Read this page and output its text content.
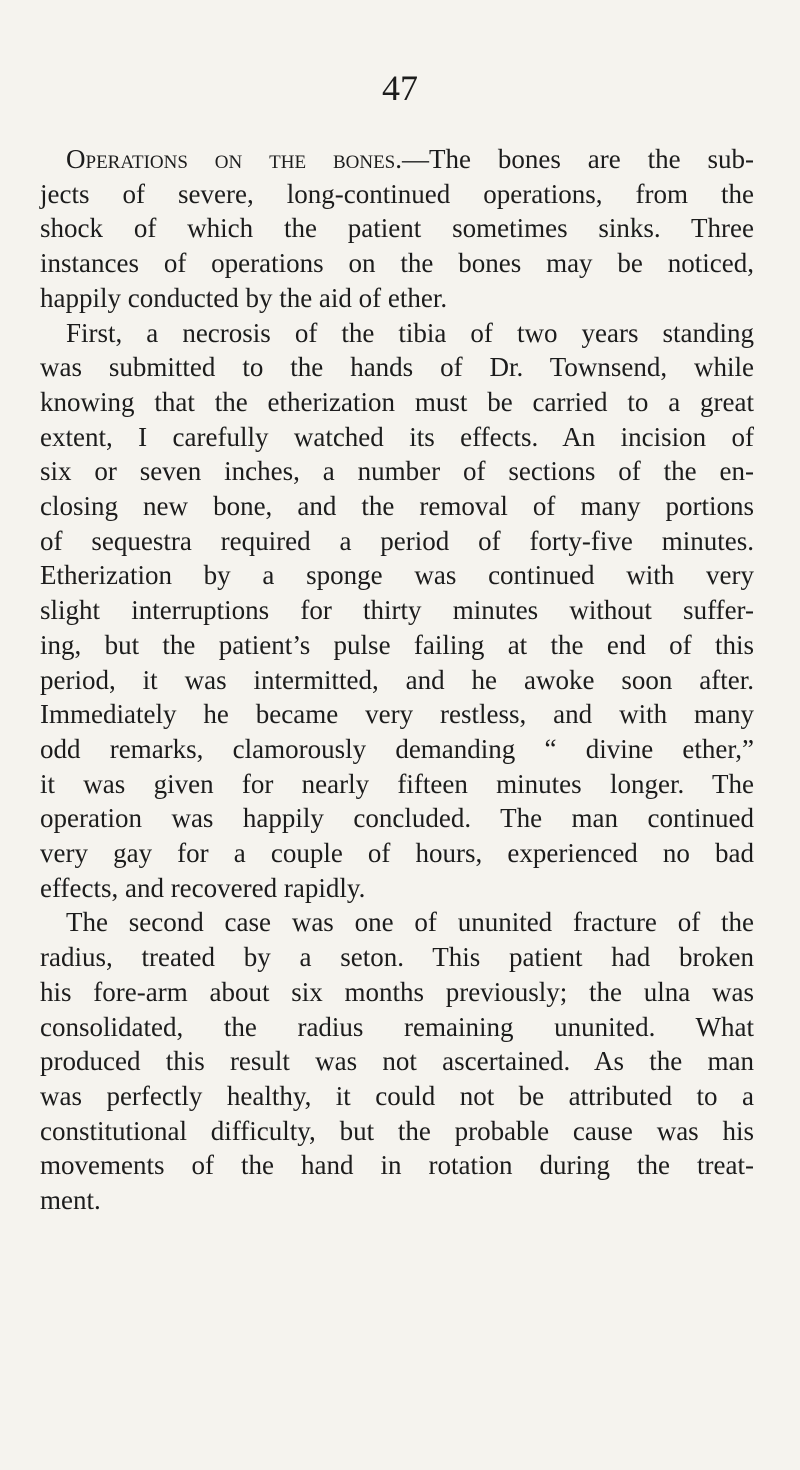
47
Operations on the bones.—The bones are the sub-
jects of severe, long-continued operations, from the
shock of which the patient sometimes sinks. Three
instances of operations on the bones may be noticed,
happily conducted by the aid of ether.
First, a necrosis of the tibia of two years standing
was submitted to the hands of Dr. Townsend, while
knowing that the etherization must be carried to a great
extent, I carefully watched its effects. An incision of
six or seven inches, a number of sections of the en-
closing new bone, and the removal of many portions
of sequestra required a period of forty-five minutes.
Etherization by a sponge was continued with very
slight interruptions for thirty minutes without suffer-
ing, but the patient’s pulse failing at the end of this
period, it was intermitted, and he awoke soon after.
Immediately he became very restless, and with many
odd remarks, clamorously demanding “ divine ether,”
it was given for nearly fifteen minutes longer. The
operation was happily concluded. The man continued
very gay for a couple of hours, experienced no bad
effects, and recovered rapidly.
The second case was one of ununited fracture of the
radius, treated by a seton. This patient had broken
his fore-arm about six months previously; the ulna was
consolidated, the radius remaining ununited. What
produced this result was not ascertained. As the man
was perfectly healthy, it could not be attributed to a
constitutional difficulty, but the probable cause was his
movements of the hand in rotation during the treat-
ment.
